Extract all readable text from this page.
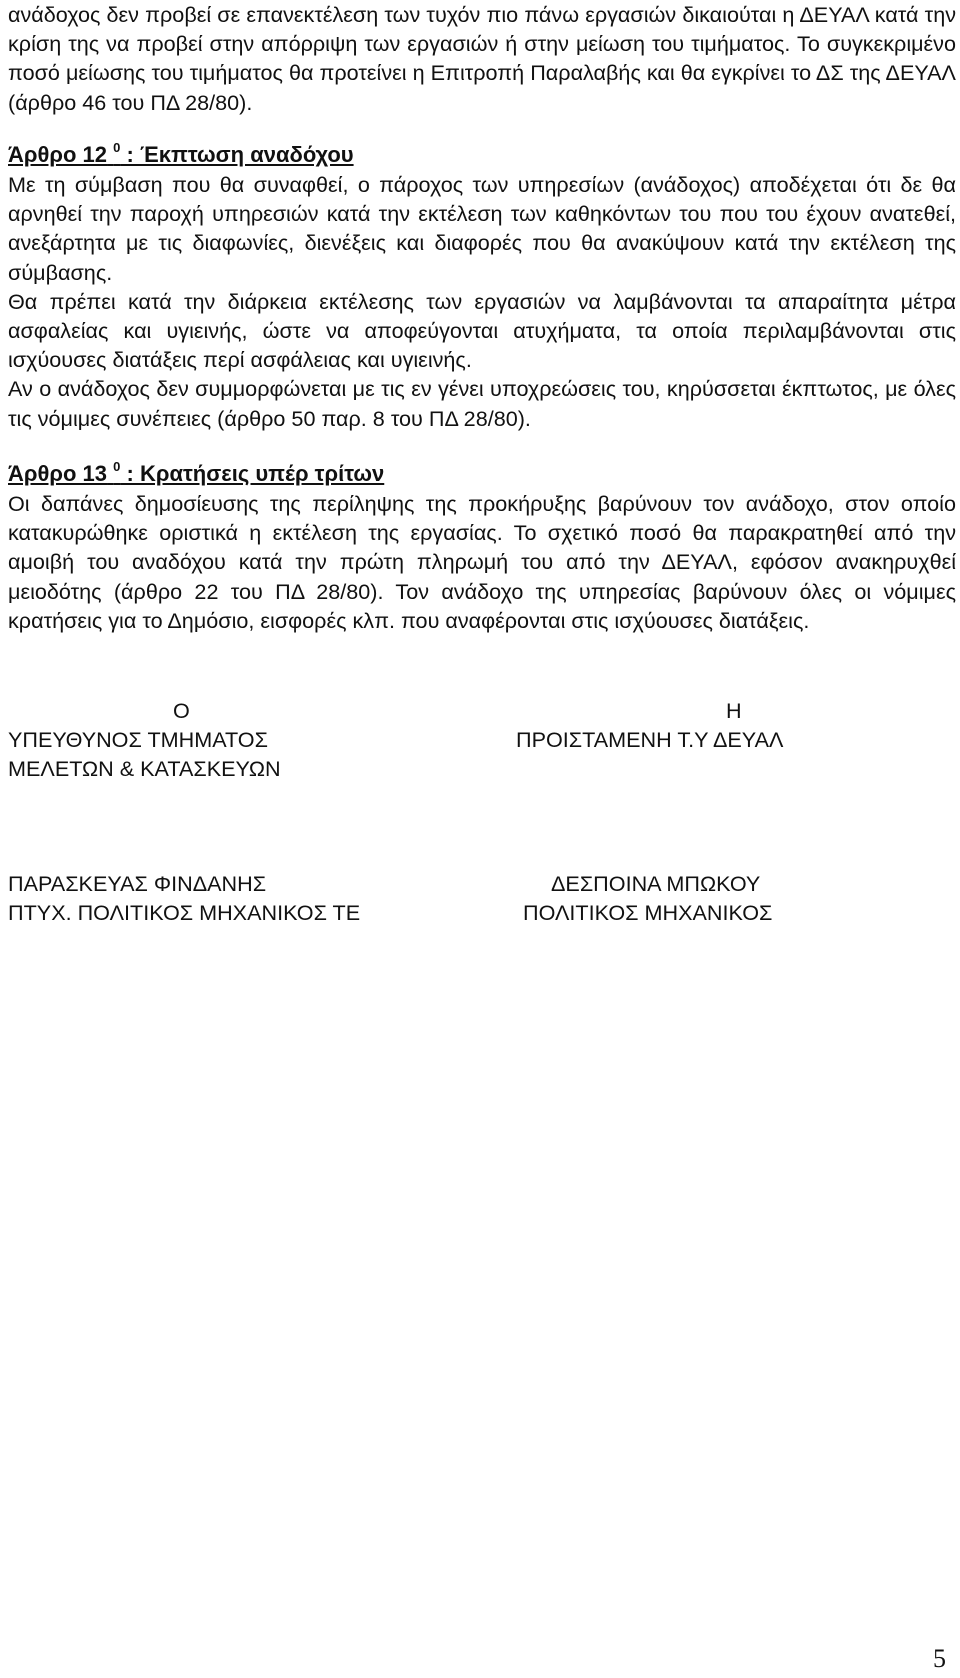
ανάδοχος δεν προβεί σε επανεκτέλεση των τυχόν πιο πάνω εργασιών δικαιούται η ΔΕΥΑΛ κατά την κρίση της να προβεί στην απόρριψη των εργασιών ή στην μείωση του τιμήματος. Το συγκεκριμένο ποσό μείωσης του τιμήματος θα προτείνει η Επιτροπή Παραλαβής και θα εγκρίνει το ΔΣ της ΔΕΥΑΛ (άρθρο 46 του ΠΔ 28/80).

Άρθρο 12 $^0$ : Έκπτωση αναδόχου

Με τη σύμβαση που θα συναφθεί, ο πάροχος των υπηρεσίων (ανάδοχος) αποδέχεται ότι δε θα αρνηθεί την παροχή υπηρεσιών κατά την εκτέλεση των καθηκόντων του που του έχουν ανατεθεί, ανεξάρτητα με τις διαφωνίες, διενέξεις και διαφορές που θα ανακύψουν κατά την εκτέλεση της σύμβασης.

Θα πρέπει κατά την διάρκεια εκτέλεσης των εργασιών να λαμβάνονται τα απαραίτητα μέτρα ασφαλείας και υγιεινής, ώστε να αποφεύγονται ατυχήματα, τα οποία περιλαμβάνονται στις ισχύουσες διατάξεις περί ασφάλειας και υγιεινής.

Αν ο ανάδοχος δεν συμμορφώνεται με τις εν γένει υποχρεώσεις του, κηρύσσεται έκπτωτος, με όλες τις νόμιμες συνέπειες (άρθρο 50 παρ. 8 του ΠΔ 28/80).

Άρθρο 13 $^0$ : Κρατήσεις υπέρ τρίτων

Οι δαπάνες δημοσίευσης της περίληψης της προκήρυξης βαρύνουν τον ανάδοχο, στον οποίο κατακυρώθηκε οριστικά η εκτέλεση της εργασίας. Το σχετικό ποσό θα παρακρατηθεί από την αμοιβή του αναδόχου κατά την πρώτη πληρωμή του από την ΔΕΥΑΛ, εφόσον ανακηρυχθεί μειοδότης (άρθρο 22 του ΠΔ 28/80). Τον ανάδοχο της υπηρεσίας βαρύνουν όλες οι νόμιμες κρατήσεις για το Δημόσιο, εισφορές κλπ. που αναφέρονται στις ισχύουσες διατάξεις.

Ο	Η
ΥΠΕΥΘΥΝΟΣ ΤΜΗΜΑΤΟΣ
ΜΕΛΕΤΩΝ & ΚΑΤΑΣΚΕΥΩΝ
ΠΡΟΙΣΤΑΜΕΝΗ Τ.Υ ΔΕΥΑΛ
ΠΑΡΑΣΚΕΥΑΣ ΦΙΝΔΑΝΗΣ
ΠΤΥΧ. ΠΟΛΙΤΙΚΟΣ ΜΗΧΑΝΙΚΟΣ ΤΕ
ΔΕΣΠΟΙΝΑ ΜΠΩΚΟΥ
ΠΟΛΙΤΙΚΟΣ ΜΗΧΑΝΙΚΟΣ
5
